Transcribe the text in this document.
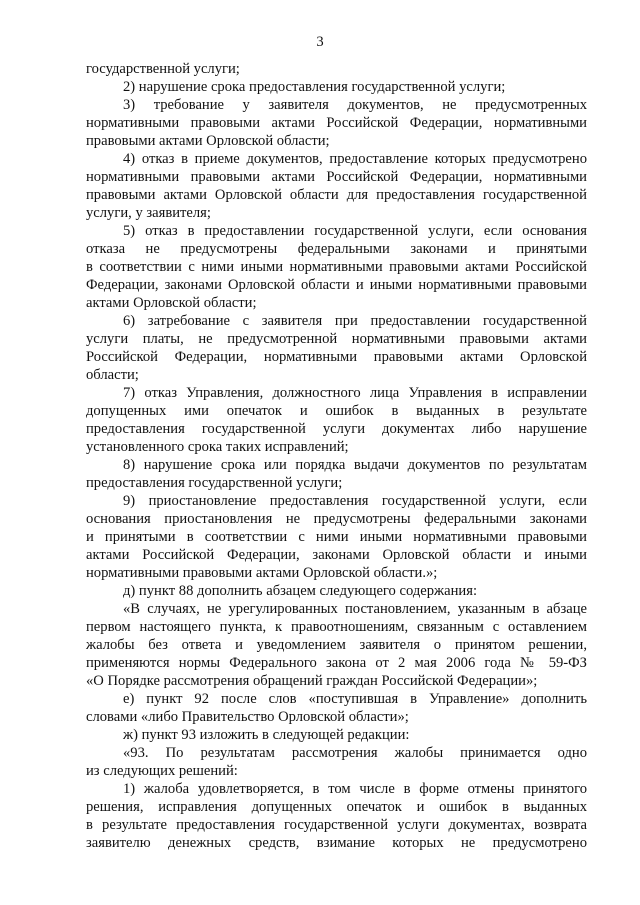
3
государственной услуги;
2) нарушение срока предоставления государственной услуги;
3) требование у заявителя документов, не предусмотренных
нормативными правовыми актами Российской Федерации, нормативными
правовыми актами Орловской области;
4) отказ в приеме документов, предоставление которых предусмотрено
нормативными правовыми актами Российской Федерации, нормативными
правовыми актами Орловской области для предоставления государственной
услуги, у заявителя;
5) отказ в предоставлении государственной услуги, если основания
отказа не предусмотрены федеральными законами и принятыми
в соответствии с ними иными нормативными правовыми актами Российской
Федерации, законами Орловской области и иными нормативными правовыми
актами Орловской области;
6) затребование с заявителя при предоставлении государственной
услуги платы, не предусмотренной нормативными правовыми актами
Российской Федерации, нормативными правовыми актами Орловской
области;
7) отказ Управления, должностного лица Управления в исправлении
допущенных ими опечаток и ошибок в выданных в результате
предоставления государственной услуги документах либо нарушение
установленного срока таких исправлений;
8) нарушение срока или порядка выдачи документов по результатам
предоставления государственной услуги;
9) приостановление предоставления государственной услуги, если
основания приостановления не предусмотрены федеральными законами
и принятыми в соответствии с ними иными нормативными правовыми
актами Российской Федерации, законами Орловской области и иными
нормативными правовыми актами Орловской области.»;
д) пункт 88 дополнить абзацем следующего содержания:
«В случаях, не урегулированных постановлением, указанным в абзаце
первом настоящего пункта, к правоотношениям, связанным с оставлением
жалобы без ответа и уведомлением заявителя о принятом решении,
применяются нормы Федерального закона от 2 мая 2006 года № 59-ФЗ
«О Порядке рассмотрения обращений граждан Российской Федерации»;
е) пункт 92 после слов «поступившая в Управление» дополнить
словами «либо Правительство Орловской области»;
ж) пункт 93 изложить в следующей редакции:
«93. По результатам рассмотрения жалобы принимается одно
из следующих решений:
1) жалоба удовлетворяется, в том числе в форме отмены принятого
решения, исправления допущенных опечаток и ошибок в выданных
в результате предоставления государственной услуги документах, возврата
заявителю денежных средств, взимание которых не предусмотрено
